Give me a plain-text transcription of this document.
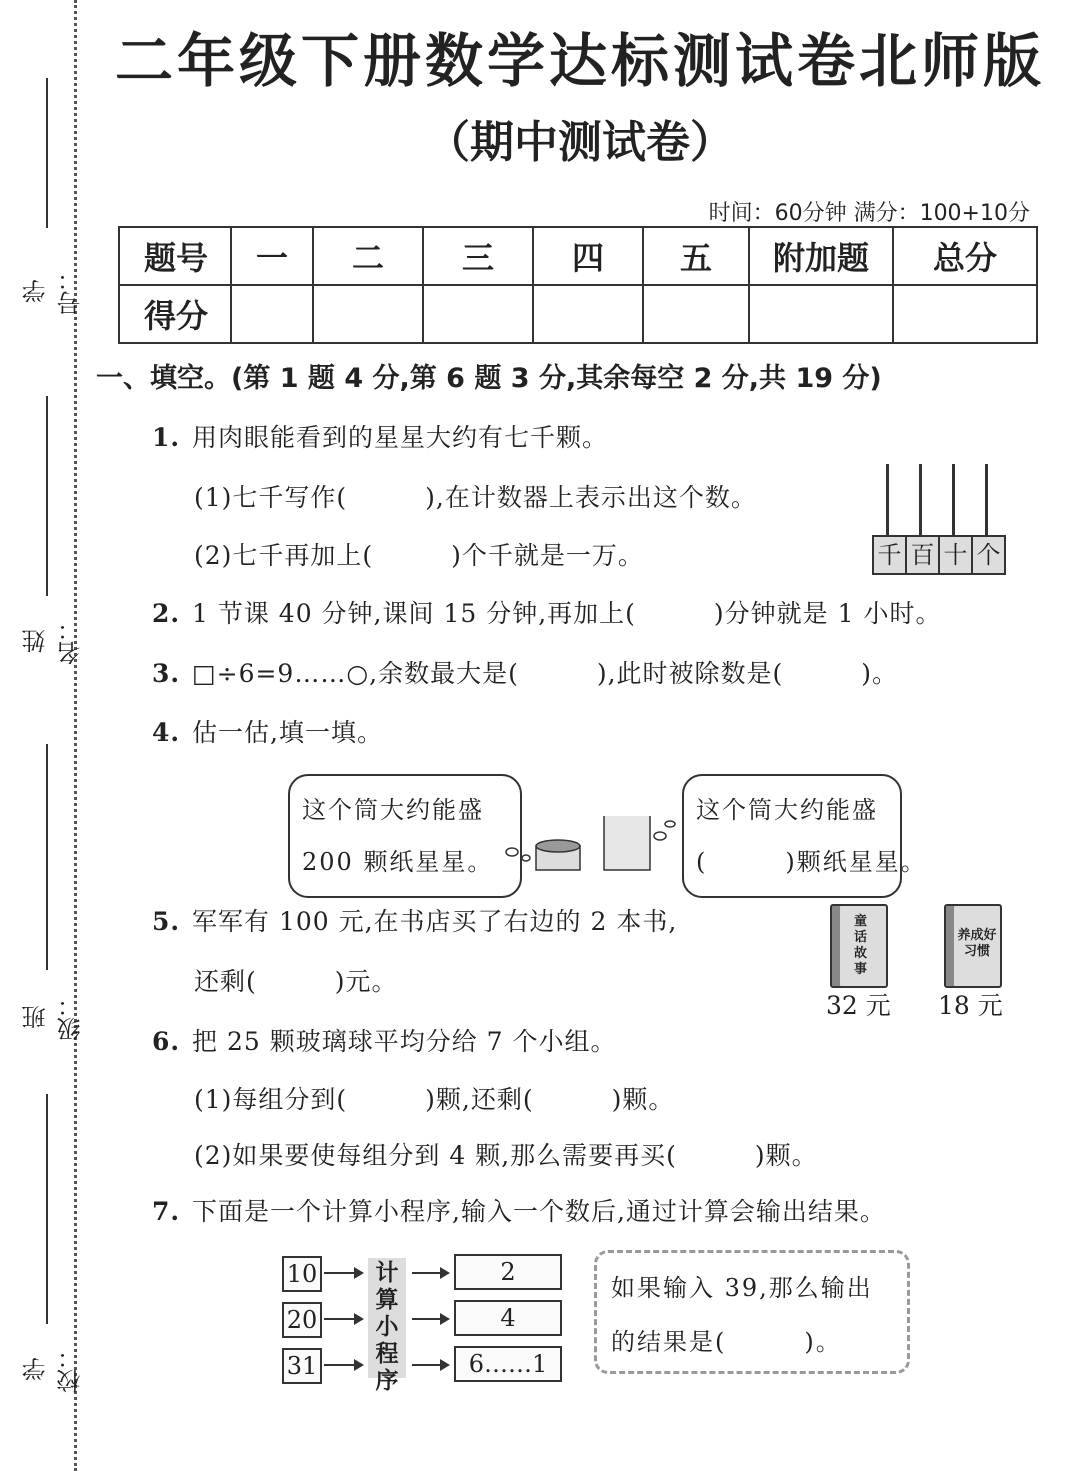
学号：
姓名：
班级：
学校：
二年级下册数学达标测试卷北师版
（期中测试卷）
时间：60分钟 满分：100+10分
题号	一	二	三	四	五	附加题	总分
得分							
一、填空。(第 1 题 4 分,第 6 题 3 分,其余每空 2 分,共 19 分)
1. 用肉眼能看到的星星大约有七千颗。
(1)七千写作(　　　),在计数器上表示出这个数。
(2)七千再加上(　　　)个千就是一万。	千 百 十 个
2. 1 节课 40 分钟,课间 15 分钟,再加上(　　　)分钟就是 1 小时。
3. □÷6=9……○,余数最大是(　　　),此时被除数是(　　　)。
4. 估一估,填一填。
这个筒大约能盛
200 颗纸星星。
这个筒大约能盛
(　　　)颗纸星星。
5. 军军有 100 元,在书店买了右边的 2 本书,
还剩(　　　)元。
童话故事
32 元
养成好习惯
18 元
6. 把 25 颗玻璃球平均分给 7 个小组。
(1)每组分到(　　　)颗,还剩(　　　)颗。
(2)如果要使每组分到 4 颗,那么需要再买(　　　)颗。
7. 下面是一个计算小程序,输入一个数后,通过计算会输出结果。
10
20
31
计算小程序
2
4
6……1
如果输入 39,那么输出
的结果是(　　　)。
